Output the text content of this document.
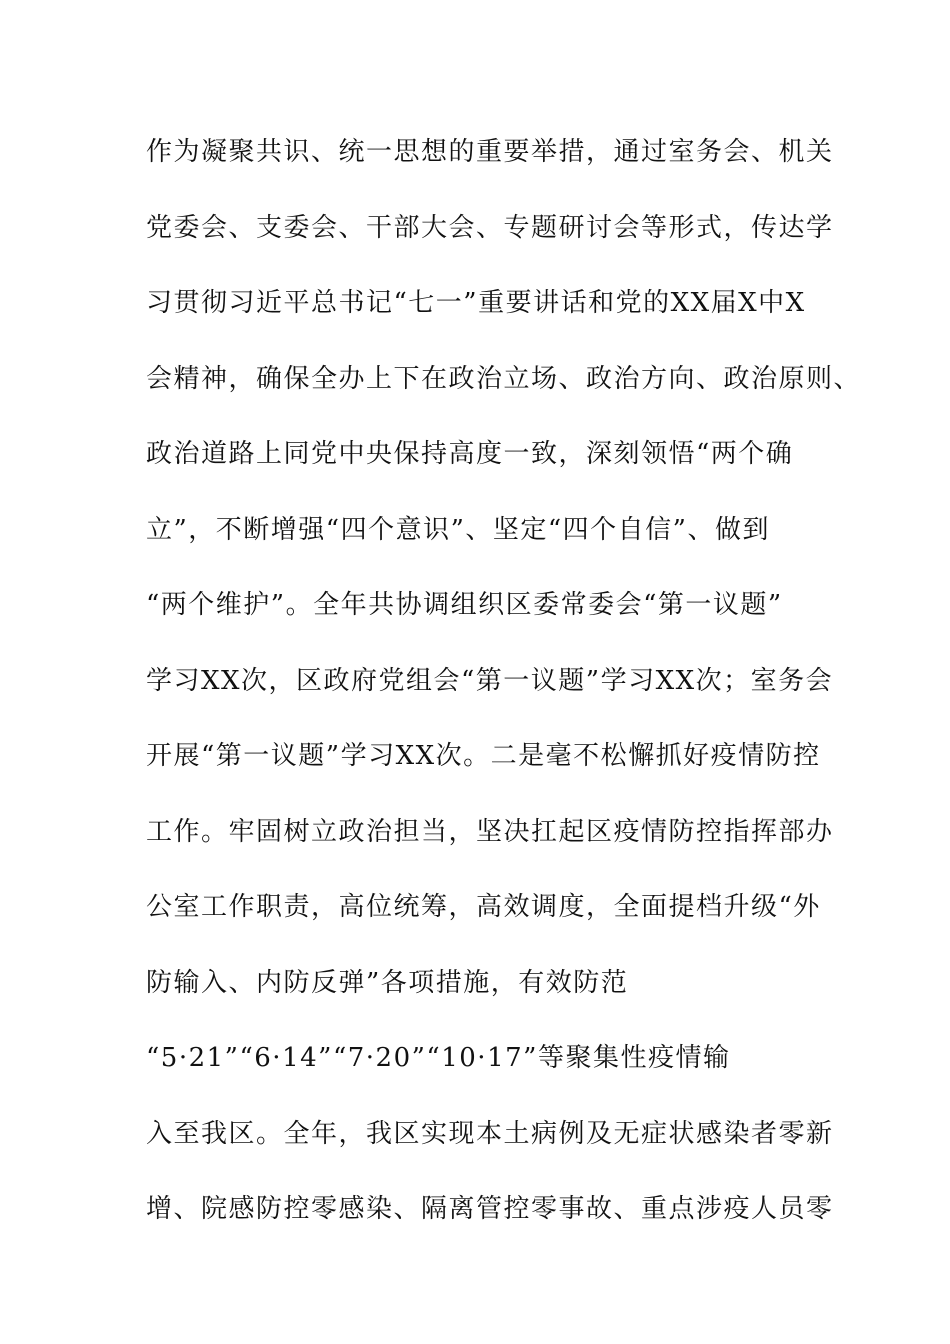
作为凝聚共识、统一思想的重要举措，通过室务会、机关
党委会、支委会、干部大会、专题研讨会等形式，传达学
习贯彻习近平总书记“七一”重要讲话和党的XX届X中X
会精神，确保全办上下在政治立场、政治方向、政治原则、
政治道路上同党中央保持高度一致，深刻领悟“两个确
立”，不断增强“四个意识”、坚定“四个自信”、做到
“两个维护”。全年共协调组织区委常委会“第一议题”
学习XX次，区政府党组会“第一议题”学习XX次；室务会
开展“第一议题”学习XX次。二是毫不松懈抓好疫情防控
工作。牢固树立政治担当，坚决扛起区疫情防控指挥部办
公室工作职责，高位统筹，高效调度，全面提档升级“外
防输入、内防反弹”各项措施，有效防范
“5·21”“6·14”“7·20”“10·17”等聚集性疫情输
入至我区。全年，我区实现本土病例及无症状感染者零新
增、院感防控零感染、隔离管控零事故、重点涉疫人员零
